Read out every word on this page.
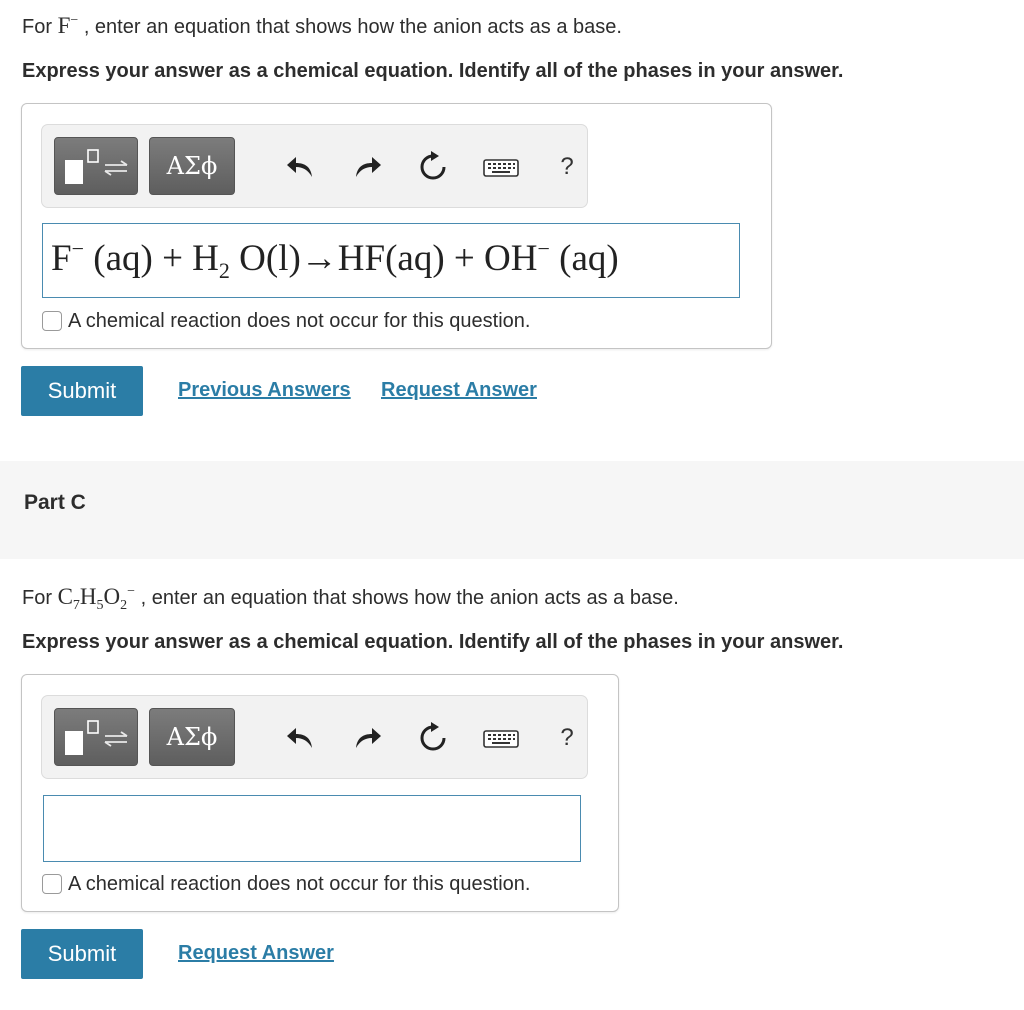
For F− , enter an equation that shows how the anion acts as a base.
Express your answer as a chemical equation. Identify all of the phases in your answer.
ΑΣϕ	?
F− $(aq) + H_2$ O(l)→HF(aq) + OH− (aq)
A chemical reaction does not occur for this question.
Submit	Previous Answers Request Answer
Part C
For $C_7H_5O_2^-$ , enter an equation that shows how the anion acts as a base.
Express your answer as a chemical equation. Identify all of the phases in your answer.
ΑΣϕ	?
A chemical reaction does not occur for this question.
Submit	Request Answer
